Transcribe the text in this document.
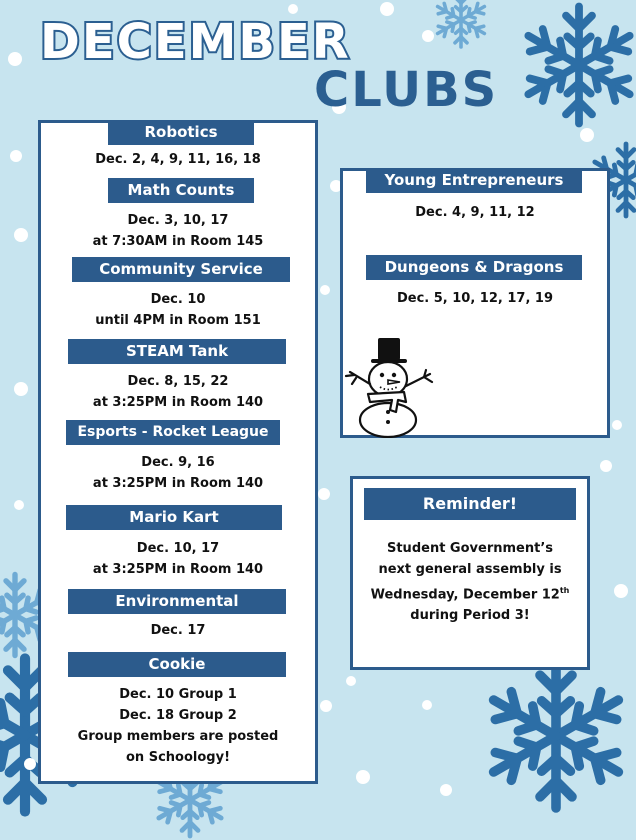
DECEMBER
CLUBS
Robotics
Dec. 2, 4, 9, 11, 16, 18
Math Counts
Dec. 3, 10, 17
at 7:30AM in Room 145
Community Service
Dec. 10
until 4PM in Room 151
STEAM Tank
Dec. 8, 15, 22
at 3:25PM in Room 140
Esports - Rocket League
Dec. 9, 16
at 3:25PM in Room 140
Mario Kart
Dec. 10, 17
at 3:25PM in Room 140
Environmental
Dec. 17
Cookie
Dec. 10 Group 1
Dec. 18 Group 2
Group members are posted
on Schoology!
Young Entrepreneurs
Dec. 4, 9, 11, 12
Dungeons & Dragons
Dec. 5, 10, 12, 17, 19
Reminder!
Student Government’s
next general assembly is
Wednesday, December 12th
during Period 3!
